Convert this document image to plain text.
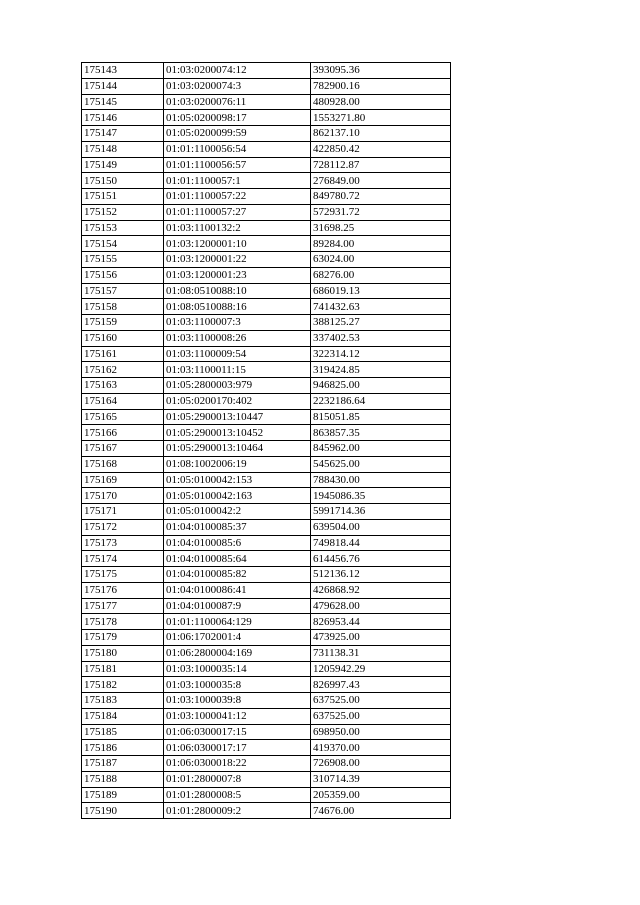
175143	01:03:0200074:12	393095.36
175144	01:03:0200074:3	782900.16
175145	01:03:0200076:11	480928.00
175146	01:05:0200098:17	1553271.80
175147	01:05:0200099:59	862137.10
175148	01:01:1100056:54	422850.42
175149	01:01:1100056:57	728112.87
175150	01:01:1100057:1	276849.00
175151	01:01:1100057:22	849780.72
175152	01:01:1100057:27	572931.72
175153	01:03:1100132:2	31698.25
175154	01:03:1200001:10	89284.00
175155	01:03:1200001:22	63024.00
175156	01:03:1200001:23	68276.00
175157	01:08:0510088:10	686019.13
175158	01:08:0510088:16	741432.63
175159	01:03:1100007:3	388125.27
175160	01:03:1100008:26	337402.53
175161	01:03:1100009:54	322314.12
175162	01:03:1100011:15	319424.85
175163	01:05:2800003:979	946825.00
175164	01:05:0200170:402	2232186.64
175165	01:05:2900013:10447	815051.85
175166	01:05:2900013:10452	863857.35
175167	01:05:2900013:10464	845962.00
175168	01:08:1002006:19	545625.00
175169	01:05:0100042:153	788430.00
175170	01:05:0100042:163	1945086.35
175171	01:05:0100042:2	5991714.36
175172	01:04:0100085:37	639504.00
175173	01:04:0100085:6	749818.44
175174	01:04:0100085:64	614456.76
175175	01:04:0100085:82	512136.12
175176	01:04:0100086:41	426868.92
175177	01:04:0100087:9	479628.00
175178	01:01:1100064:129	826953.44
175179	01:06:1702001:4	473925.00
175180	01:06:2800004:169	731138.31
175181	01:03:1000035:14	1205942.29
175182	01:03:1000035:8	826997.43
175183	01:03:1000039:8	637525.00
175184	01:03:1000041:12	637525.00
175185	01:06:0300017:15	698950.00
175186	01:06:0300017:17	419370.00
175187	01:06:0300018:22	726908.00
175188	01:01:2800007:8	310714.39
175189	01:01:2800008:5	205359.00
175190	01:01:2800009:2	74676.00
